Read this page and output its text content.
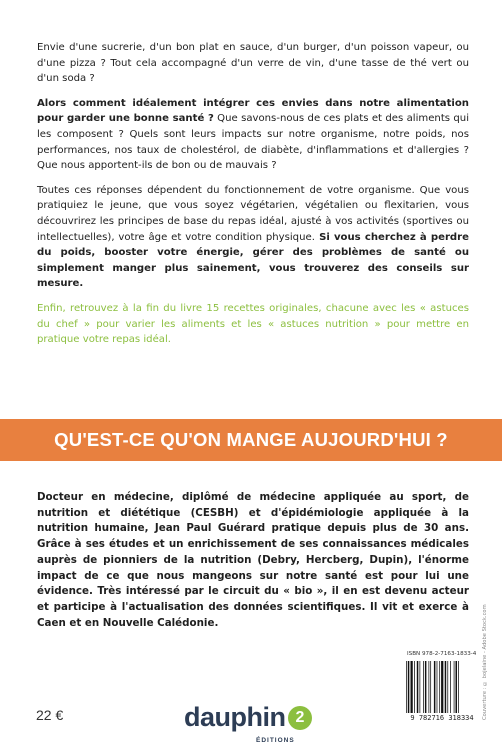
Envie d'une sucrerie, d'un bon plat en sauce, d'un burger, d'un poisson vapeur, ou d'une pizza ? Tout cela accompagné d'un verre de vin, d'une tasse de thé vert ou d'un soda ?

Alors comment idéalement intégrer ces envies dans notre alimentation pour garder une bonne santé ? Que savons-nous de ces plats et des aliments qui les composent ? Quels sont leurs impacts sur notre organisme, notre poids, nos performances, nos taux de cholestérol, de diabète, d'inflammations et d'allergies ? Que nous apportent-ils de bon ou de mauvais ?

Toutes ces réponses dépendent du fonctionnement de votre organisme. Que vous pratiquiez le jeune, que vous soyez végétarien, végétalien ou flexitarien, vous découvrirez les principes de base du repas idéal, ajusté à vos activités (sportives ou intellectuelles), votre âge et votre condition physique. Si vous cherchez à perdre du poids, booster votre énergie, gérer des problèmes de santé ou simplement manger plus sainement, vous trouverez des conseils sur mesure.

Enfin, retrouvez à la fin du livre 15 recettes originales, chacune avec les « astuces du chef » pour varier les aliments et les « astuces nutrition » pour mettre en pratique votre repas idéal.

QU'EST-CE QU'ON MANGE AUJOURD'HUI ?
Docteur en médecine, diplômé de médecine appliquée au sport, de nutrition et diététique (CESBH) et d'épidémiologie appliquée à la nutrition humaine, Jean Paul Guérard pratique depuis plus de 30 ans. Grâce à ses études et un enrichissement de ses connaissances médicales auprès de pionniers de la nutrition (Debry, Hercberg, Dupin), l'énorme impact de ce que nous mangeons sur notre santé est pour lui une évidence. Très intéressé par le circuit du « bio », il en est devenu acteur et participe à l'actualisation des données scientifiques. Il vit et exerce à Caen et en Nouvelle Calédonie.	Couverture : © bojelaine - Adobe Stock.com
ISBN 978-2-7163-1833-4
9 782716 318334
22 €	dauphin 2
ÉDITIONS
